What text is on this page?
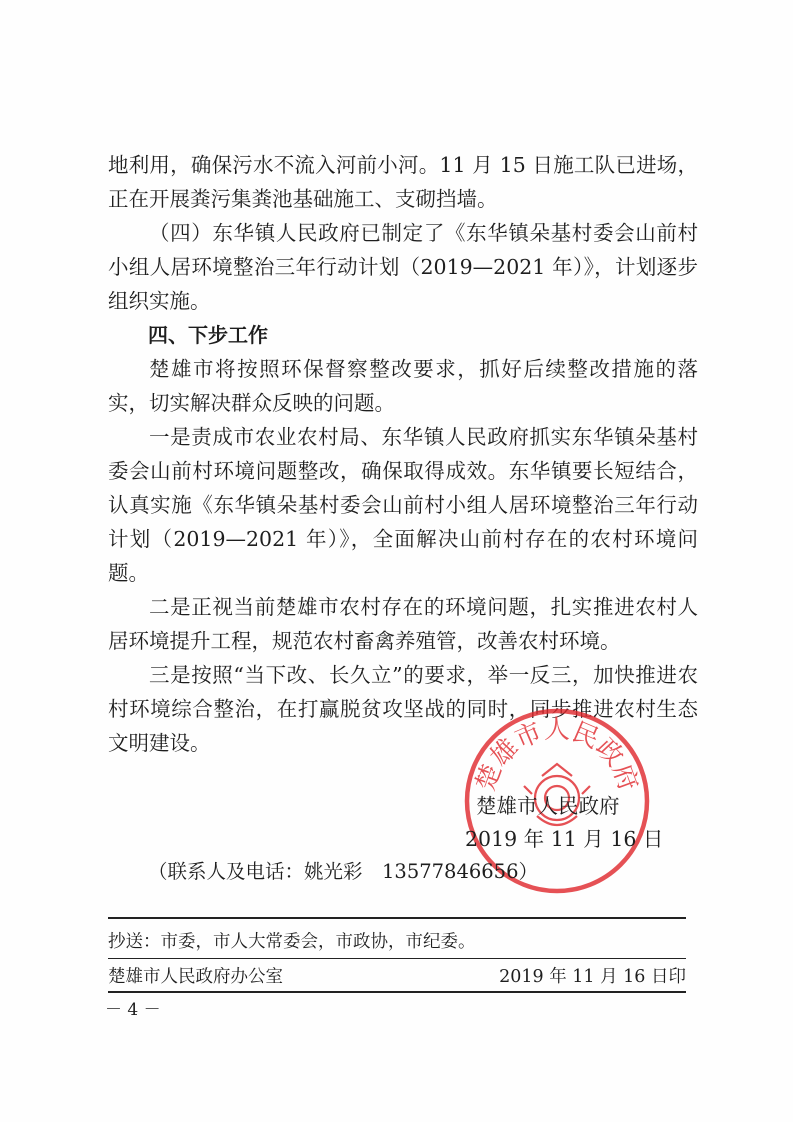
地利用，确保污水不流入河前小河。11 月 15 日施工队已进场，正在开展粪污集粪池基础施工、支砌挡墙。

（四）东华镇人民政府已制定了《东华镇朵基村委会山前村小组人居环境整治三年行动计划（2019—2021 年）》，计划逐步组织实施。

四、下步工作

楚雄市将按照环保督察整改要求，抓好后续整改措施的落实，切实解决群众反映的问题。

一是责成市农业农村局、东华镇人民政府抓实东华镇朵基村委会山前村环境问题整改，确保取得成效。东华镇要长短结合，认真实施《东华镇朵基村委会山前村小组人居环境整治三年行动计划（2019—2021 年）》，全面解决山前村存在的农村环境问题。

二是正视当前楚雄市农村存在的环境问题，扎实推进农村人居环境提升工程，规范农村畜禽养殖管，改善农村环境。

三是按照“当下改、长久立”的要求，举一反三，加快推进农村环境综合整治，在打赢脱贫攻坚战的同时，同步推进农村生态文明建设。

楚雄市人民政府
楚雄市人民政府
2019 年 11 月 16 日
（联系人及电话：姚光彩　13577846656）
抄送：市委，市人大常委会，市政协，市纪委。
楚雄市人民政府办公室	2019 年 11 月 16 日印
－ 4 －
